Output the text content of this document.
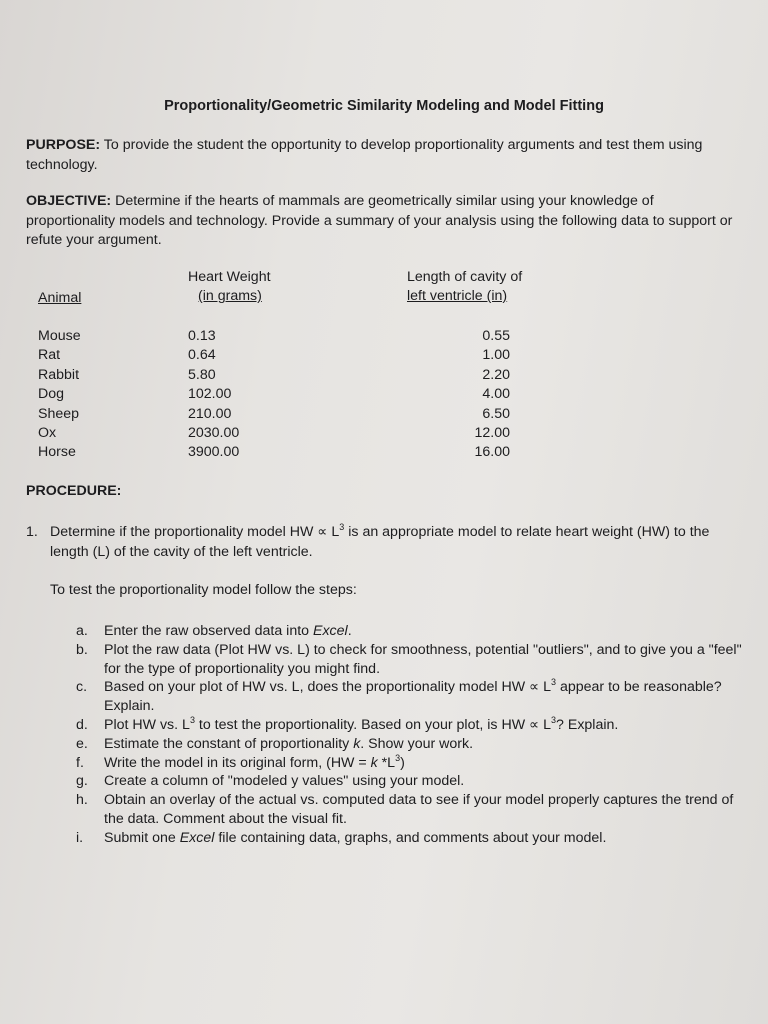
Proportionality/Geometric Similarity Modeling and Model Fitting
PURPOSE: To provide the student the opportunity to develop proportionality arguments and test them using technology.
OBJECTIVE: Determine if the hearts of mammals are geometrically similar using your knowledge of proportionality models and technology. Provide a summary of your analysis using the following data to support or refute your argument.
Animal
Heart Weight
(in grams)
Length of cavity of
left ventricle (in)
Mouse
Rat
Rabbit
Dog
Sheep
Ox
Horse
0.13
0.64
5.80
102.00
210.00
2030.00
3900.00
0.55
1.00
2.20
4.00
6.50
12.00
16.00
PROCEDURE:
1. Determine if the proportionality model HW ∝ $L^3$ is an appropriate model to relate heart weight (HW) to the length (L) of the cavity of the left ventricle.
To test the proportionality model follow the steps:
a. Enter the raw observed data into Excel.
b. Plot the raw data (Plot HW vs. L) to check for smoothness, potential "outliers", and to give you a "feel" for the type of proportionality you might find.
c. Based on your plot of HW vs. L, does the proportionality model HW ∝ $L^3$ appear to be reasonable? Explain.
d. Plot HW vs. $L^3$ to test the proportionality. Based on your plot, is HW ∝ $L^3$? Explain.
e. Estimate the constant of proportionality k. Show your work.
f. Write the model in its original form, (HW = k $*L^3$)
g. Create a column of "modeled y values" using your model.
h. Obtain an overlay of the actual vs. computed data to see if your model properly captures the trend of the data. Comment about the visual fit.
i. Submit one Excel file containing data, graphs, and comments about your model.
